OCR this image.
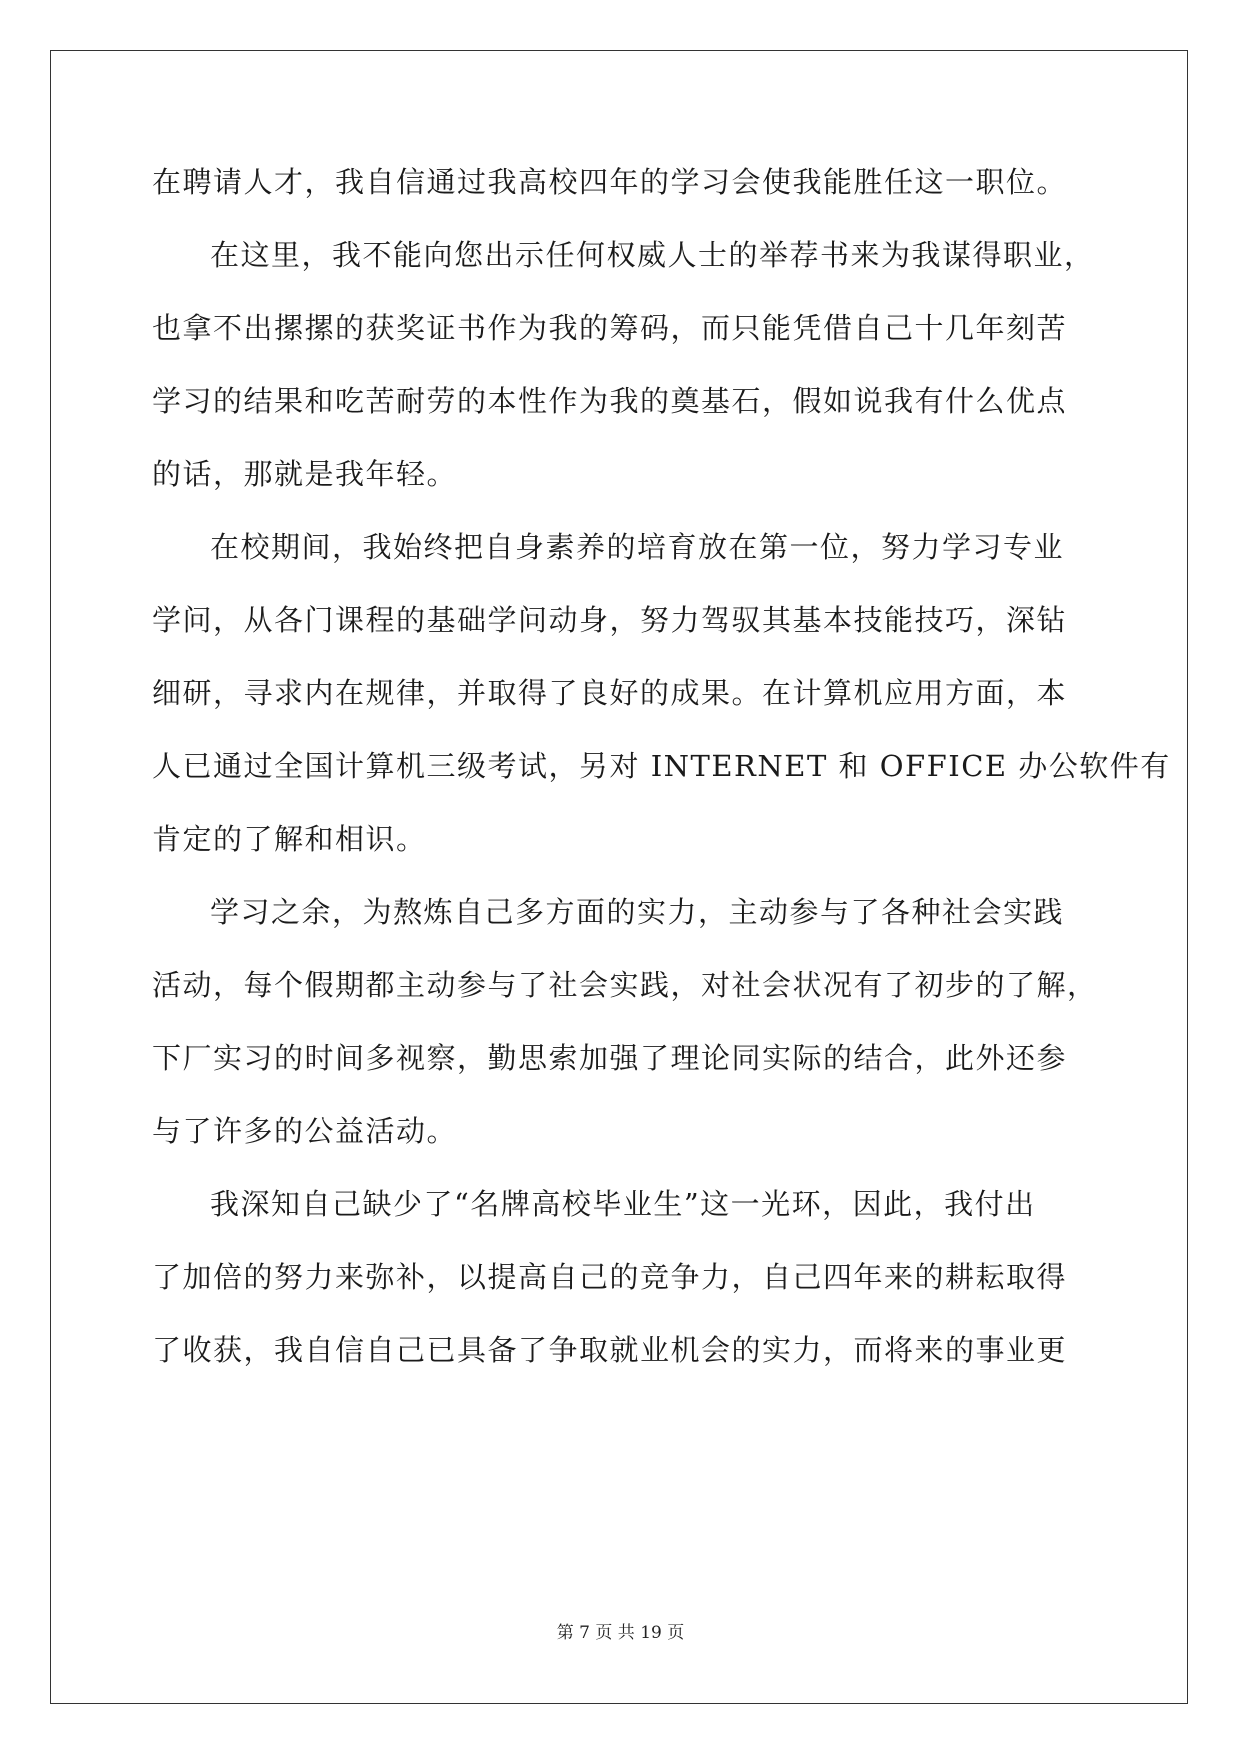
在聘请人才，我自信通过我高校四年的学习会使我能胜任这一职位。
在这里，我不能向您出示任何权威人士的举荐书来为我谋得职业，
也拿不出摞摞的获奖证书作为我的筹码，而只能凭借自己十几年刻苦
学习的结果和吃苦耐劳的本性作为我的奠基石，假如说我有什么优点
的话，那就是我年轻。
在校期间，我始终把自身素养的培育放在第一位，努力学习专业
学问，从各门课程的基础学问动身，努力驾驭其基本技能技巧，深钻
细研，寻求内在规律，并取得了良好的成果。在计算机应用方面，本
人已通过全国计算机三级考试，另对 INTERNET 和 OFFICE 办公软件有
肯定的了解和相识。
学习之余，为熬炼自己多方面的实力，主动参与了各种社会实践
活动，每个假期都主动参与了社会实践，对社会状况有了初步的了解，
下厂实习的时间多视察，勤思索加强了理论同实际的结合，此外还参
与了许多的公益活动。
我深知自己缺少了“名牌高校毕业生”这一光环，因此，我付出
了加倍的努力来弥补，以提高自己的竞争力，自己四年来的耕耘取得
了收获，我自信自己已具备了争取就业机会的实力，而将来的事业更
第 7 页 共 19 页
